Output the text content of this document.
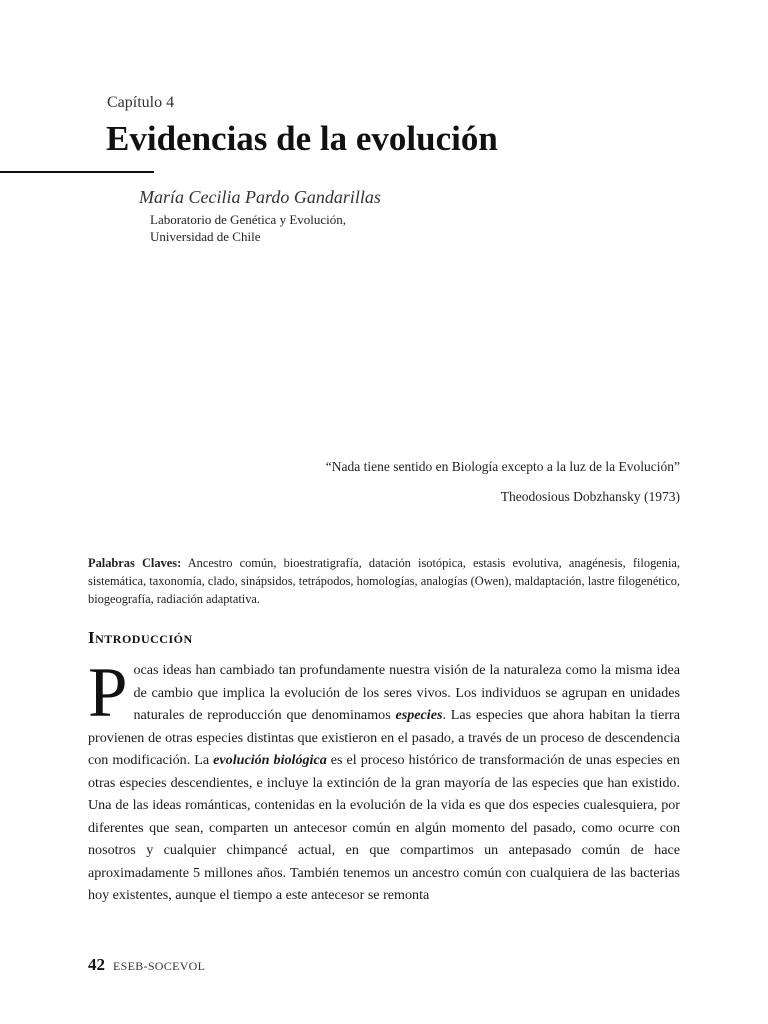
Capítulo 4
Evidencias de la evolución
María Cecilia Pardo Gandarillas
Laboratorio de Genética y Evolución,
Universidad de Chile
“Nada tiene sentido en Biología excepto a la luz de la Evolución”
Theodosious Dobzhansky (1973)
Palabras Claves: Ancestro común, bioestratigrafía, datación isotópica, estasis evolutiva, anagénesis, filogenia, sistemática, taxonomía, clado, sinápsidos, tetrápodos, homologías, analogías (Owen), maldaptación, lastre filogenético, biogeografía, radiación adaptativa.
Introducción

Pocas ideas han cambiado tan profundamente nuestra visión de la naturaleza como la misma idea de cambio que implica la evolución de los seres vivos. Los individuos se agrupan en unidades naturales de reproducción que denominamos especies. Las especies que ahora habitan la tierra provienen de otras especies distintas que existieron en el pasado, a través de un proceso de descendencia con modificación. La evolución biológica es el proceso histórico de transformación de unas especies en otras especies descendientes, e incluye la extinción de la gran mayoría de las especies que han existido. Una de las ideas románticas, contenidas en la evolución de la vida es que dos especies cualesquiera, por diferentes que sean, comparten un antecesor común en algún momento del pasado, como ocurre con nosotros y cualquier chimpancé actual, en que compartimos un antepasado común de hace aproximadamente 5 millones años. También tenemos un ancestro común con cualquiera de las bacterias hoy existentes, aunque el tiempo a este antecesor se remonta

42 ESEB-SOCEVOL
